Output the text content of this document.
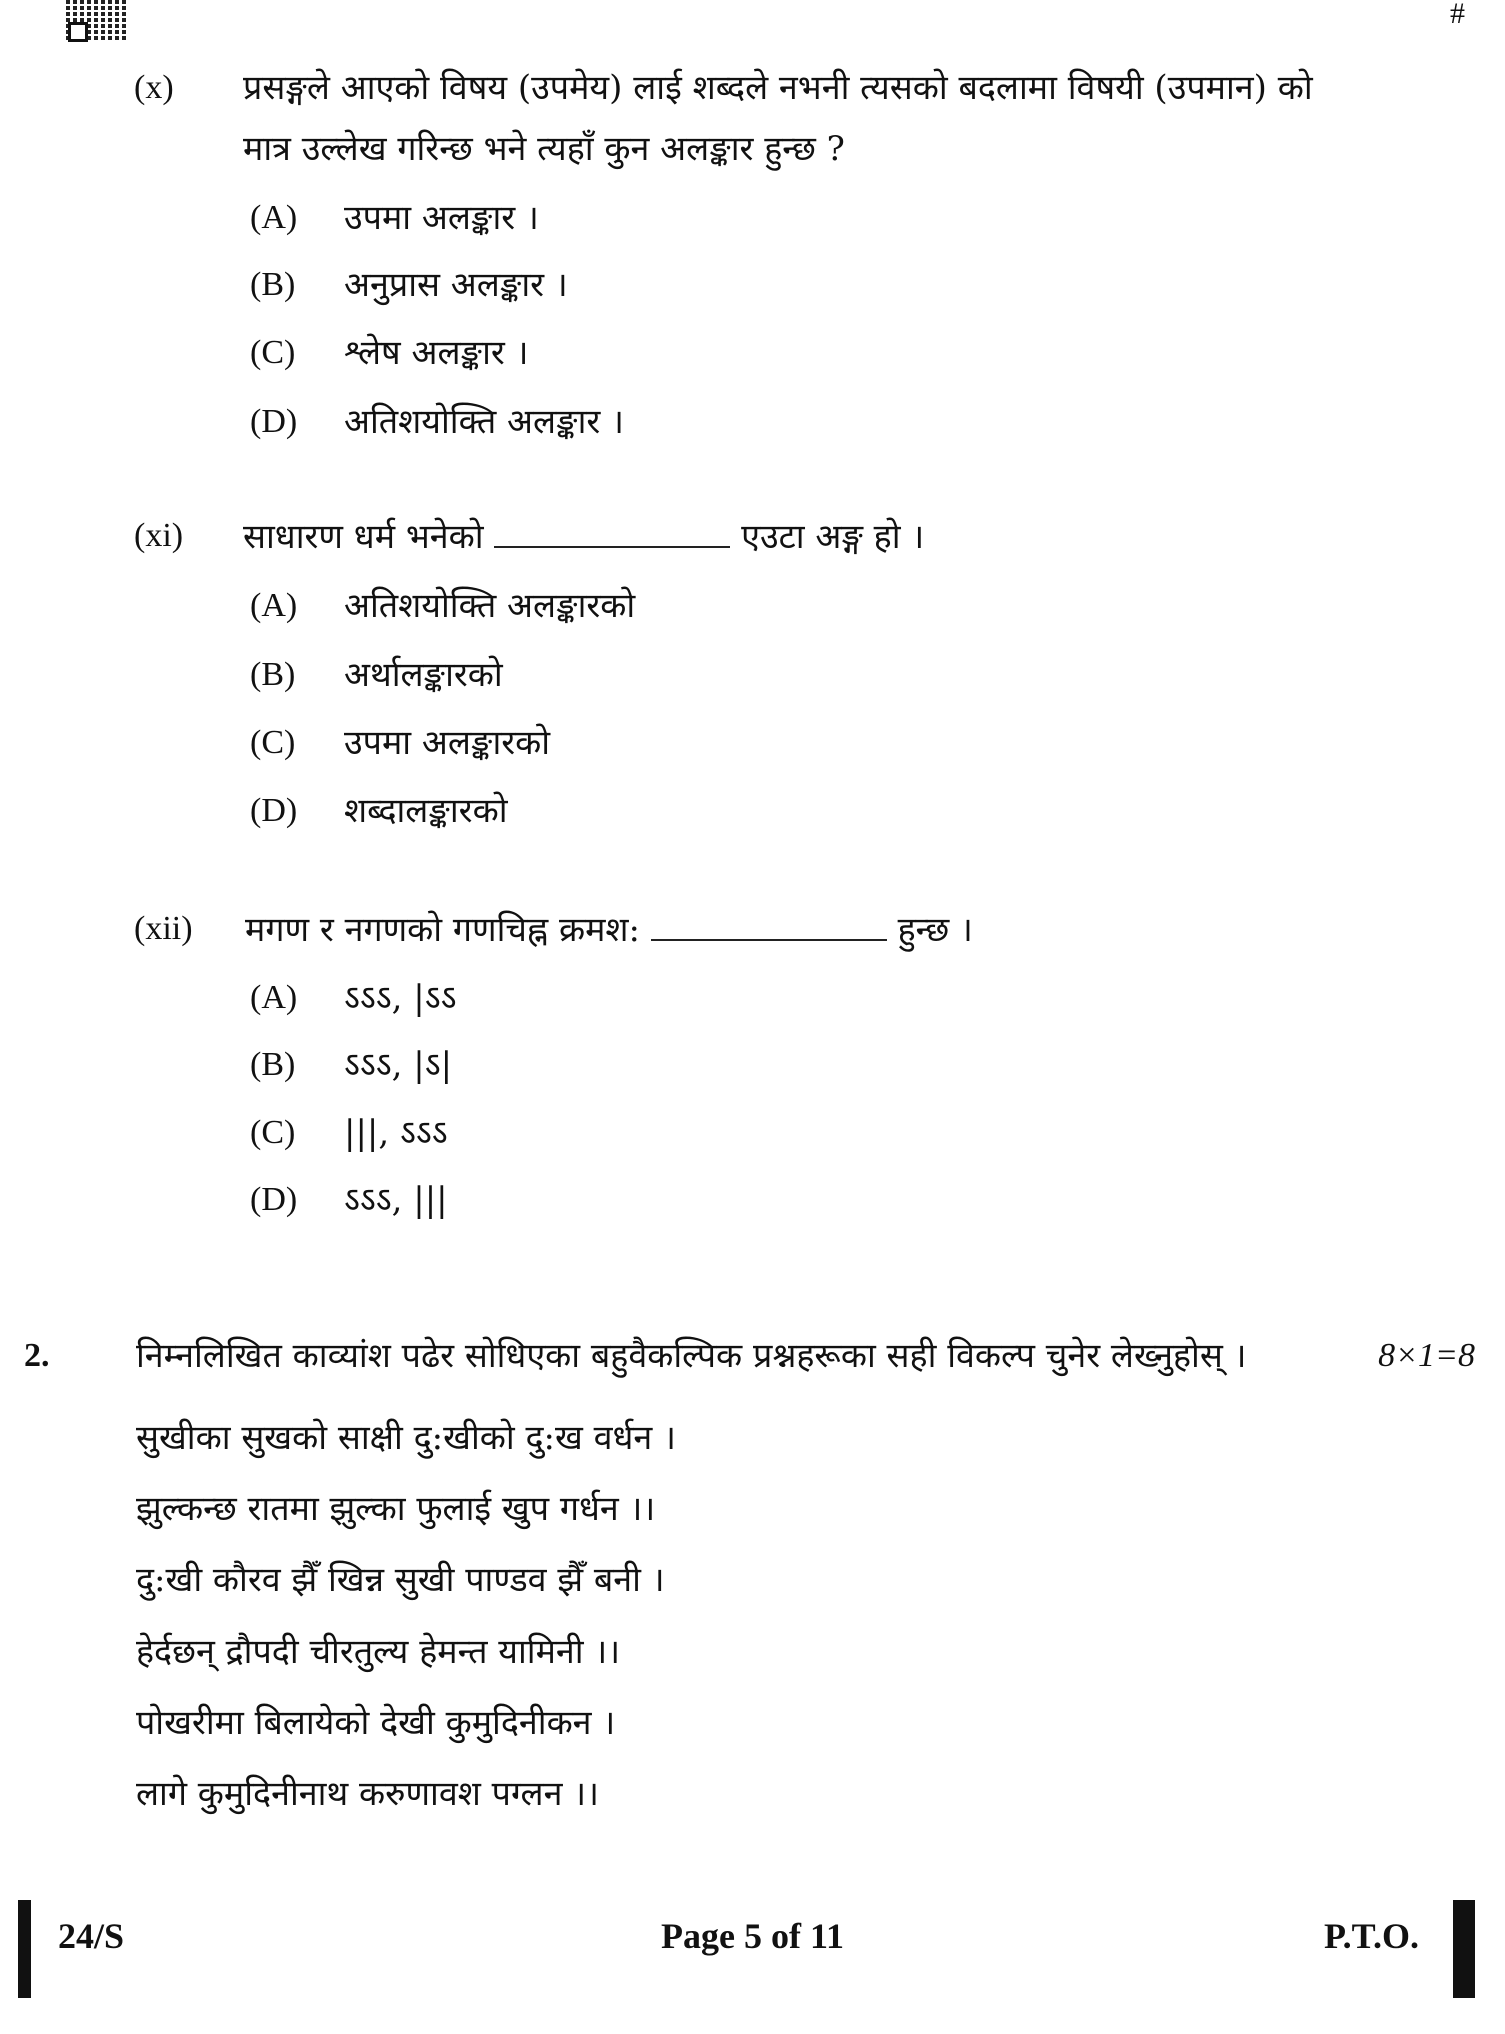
#
(x) प्रसङ्गले आएको विषय (उपमेय) लाई शब्दले नभनी त्यसको बदलामा विषयी (उपमान) को
मात्र उल्लेख गरिन्छ भने त्यहाँ कुन अलङ्कार हुन्छ ?
(A) उपमा अलङ्कार ।
(B) अनुप्रास अलङ्कार ।
(C) श्लेष अलङ्कार ।
(D) अतिशयोक्ति अलङ्कार ।
(xi) साधारण धर्म भनेको	एउटा अङ्ग हो ।
(A) अतिशयोक्ति अलङ्कारको
(B) अर्थालङ्कारको
(C) उपमा अलङ्कारको
(D) शब्दालङ्कारको
(xii) मगण र नगणको गणचिह्न क्रमश:	हुन्छ ।
(A) ऽऽऽ, |ऽऽ
(B) ऽऽऽ, |ऽ|
(C) |||, ऽऽऽ
(D) ऽऽऽ, |||
2.	निम्नलिखित काव्यांश पढेर सोधिएका बहुवैकल्पिक प्रश्नहरूका सही विकल्प चुनेर लेख्नुहोस् ।	8×1=8
सुखीका सुखको साक्षी दु:खीको दु:ख वर्धन ।
झुल्कन्छ रातमा झुल्का फुलाई खुप गर्धन ।।
दु:खी कौरव झैँ खिन्न सुखी पाण्डव झैँ बनी ।
हेर्दछन् द्रौपदी चीरतुल्य हेमन्त यामिनी ।।
पोखरीमा बिलायेको देखी कुमुदिनीकन ।
लागे कुमुदिनीनाथ करुणावश पग्लन ।।
24/S	Page 5 of 11	P.T.O.
